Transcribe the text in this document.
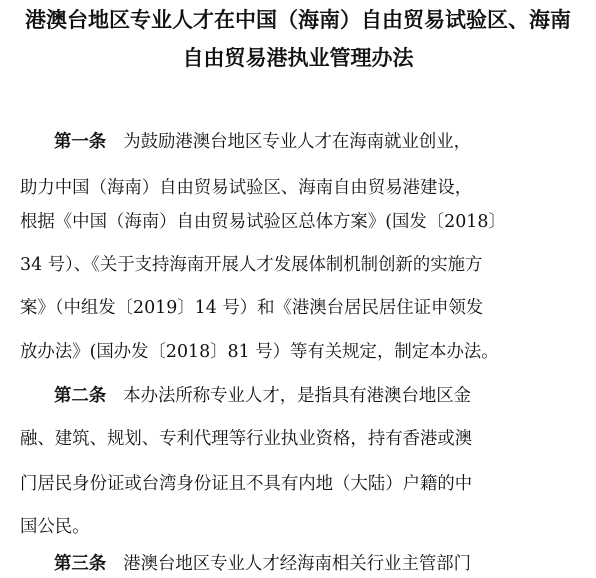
港澳台地区专业人才在中国（海南）自由贸易试验区、海南
自由贸易港执业管理办法
第一条 为鼓励港澳台地区专业人才在海南就业创业，
助力中国（海南）自由贸易试验区、海南自由贸易港建设，
根据《中国（海南）自由贸易试验区总体方案》(国发〔2018〕
34 号）、《关于支持海南开展人才发展体制机制创新的实施方
案》（中组发〔2019〕14 号）和《港澳台居民居住证申领发
放办法》(国办发〔2018〕81 号）等有关规定，制定本办法。
第二条 本办法所称专业人才，是指具有港澳台地区金
融、建筑、规划、专利代理等行业执业资格，持有香港或澳
门居民身份证或台湾身份证且不具有内地（大陆）户籍的中
国公民。
第三条 港澳台地区专业人才经海南相关行业主管部门
